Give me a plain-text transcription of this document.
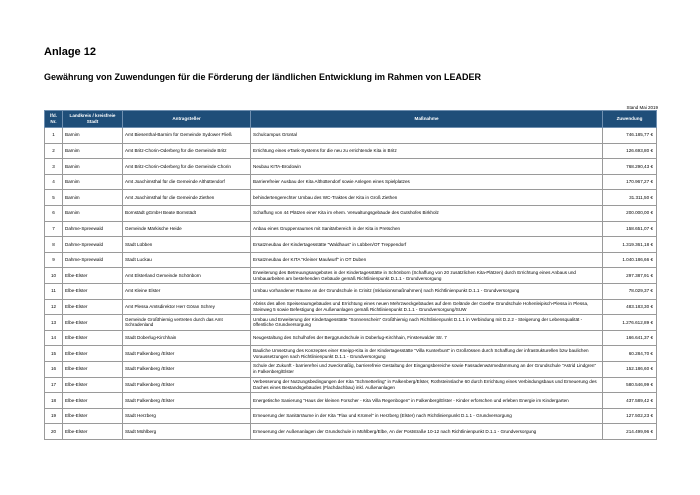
Anlage 12
Gewährung von Zuwendungen für die Förderung der ländlichen Entwicklung im Rahmen von LEADER
Stand Mai 2019
lfd. Nr.	Landkreis / kreisfreie Stadt	Antragsteller	Maßnahme	Zuwendung
1	Barnim	Amt Biesenthal-Barnim für Gemeinde Sydower Fließ	Schulcampus Grüntal	746.185,77 €
2	Barnim	Amt Britz-Chorin-Oderberg für die Gemeinde Britz	Errichtung eines eTank-Systems für die neu zu errichtende Kita in Britz	126.693,80 €
3	Barnim	Amt Britz-Chorin-Oderberg für die Gemeinde Chorin	Neubau KITA-Brodowin	768.290,43 €
4	Barnim	Amt Joachimsthal für die Gemeinde Althüttendorf	Barrierefreier Ausbau der Kita Althüttendorf sowie Anlegen eines Spielplatzes	170.967,27 €
5	Barnim	Amt Joachimsthal für die Gemeinde Ziethen	behindertengerechter Umbau des WC-Traktes der Kita in Groß Ziethen	31.311,50 €
6	Barnim	Bornstädt gGmbH Beate Bornstädt	Schaffung von 44 Plätzen einer Kita im ehem. Verwaltungsgebäude des Gutshofes Birkholz	200.000,00 €
7	Dahme-Spreewald	Gemeinde Märkische Heide	Anbau eines Gruppenraumes mit Sanitärbereich in der Kita in Pretschen	158.651,07 €
8	Dahme-Spreewald	Stadt Lübben	Ersatzneubau der Kindertagesstätte "Waldhaus" in Lübben/OT Treppendorf	1.319.361,18 €
9	Dahme-Spreewald	Stadt Luckau	Ersatzneubau der KITA "Kleiner Maulwurf" in OT Duben	1.040.186,66 €
10	Elbe-Elster	Amt Elsterland Gemeinde Schönborn	Erweiterung des Betreuungsangebotes in der Kindertagesstätte in Schönborn (Schaffung von 20 zusätzlichen Kita-Plätzen) durch Errichtung eines Anbaus und Umbauarbeiten am bestehenden Gebäude gemäß Richtlinienpunkt D.1.1 - Grundversorgung	297.387,91 €
11	Elbe-Elster	Amt Kleine Elster	Umbau vorhandener Räume an der Grundschule in Crinitz (Inklusionsmaßnahmen) nach Richtlinienpunkt D.1.1 - Grundversorgung	78.029,37 €
12	Elbe-Elster	Amt Plessa Amtsdirektor Herr Göran Schrey	Abriss des allen Speiseraumgebäudes und Errichtung eines neuen Mehrzweckgebäudes auf dem Gelände der Goethe Grundschule Hohenleipisch-Plessa in Plessa, Steinweg 5 sowie Befestigung der Außenanlagen gemäß Richtlinienpunkt D.1.1 - Grundversorgung/SUW	483.183,30 €
13	Elbe-Elster	Gemeinde Großthiemig vertreten durch das Amt Schradenland	Umbau und Erweiterung der Kindertagesstätte "Sonnenschein" Großthiemig nach Richtlinienpunkt D.1.1 in Verbindung mit D.2.2 - Steigerung der Lebensqualität - öffentliche Grundversorgung	1.276.612,89 €
14	Elbe-Elster	Stadt Doberlug-Kirchhain	Neugestaltung des Schulhofes der Berggrundschule in Doberlug-Kirchhain, Finsterwalder Str. 7	166.641,37 €
15	Elbe-Elster	Stadt Falkenberg /Elster	Bauliche Umsetzung des Konzeptes einer Kneipp-Kita in der Kindertagesstätte "Villa Kunterbunt" in Großrössen durch Schaffung der infrastrukturellen bzw baulichen Voraussetzungen nach Richtlinienpunkt D.1.1 - Grundversorgung	60.284,70 €
16	Elbe-Elster	Stadt Falkenberg /Elster	Schule der Zukunft - barrierefrei und zweckmäßig, barrierefreie Gestaltung der Eingangsbereiche sowie Fassadenwärmedämmung an der Grundschule "Astrid Lindgren" in Falkenberg/Elster	152.186,60 €
17	Elbe-Elster	Stadt Falkenberg /Elster	Verbesserung der Nutzungsbedingungen der Kita "Schmetterling" in Falkenberg/Elster, Rothsteinslache 60 durch Errichtung eines Verbindungsbaus und Erneuerung des Daches eines Bestandsgebäudes (Flachdachbau) inkl. Außenanlagen	580.546,99 €
18	Elbe-Elster	Stadt Falkenberg /Elster	Energetische Sanierung "Haus der kleinen Forscher - Kita Villa Regenbogen" in Falkenberg/Elster - Kinder erforschen und erleben Energie im Kindergarten	437.589,42 €
19	Elbe-Elster	Stadt Herzberg	Erneuerung der Sanitärräume in der Kita "Flax und Krümel" in Herzberg (Elster) nach Richtlinienpunkt D.1.1 - Grundversorgung	127.502,23 €
20	Elbe-Elster	Stadt Mühlberg	Erneuerung der Außenanlagen der Grundschule in Mühlberg/Elbe, An der Poststraße 10-12 nach Richtlinienpunkt D.1.1 - Grundversorgung	214.499,96 €
